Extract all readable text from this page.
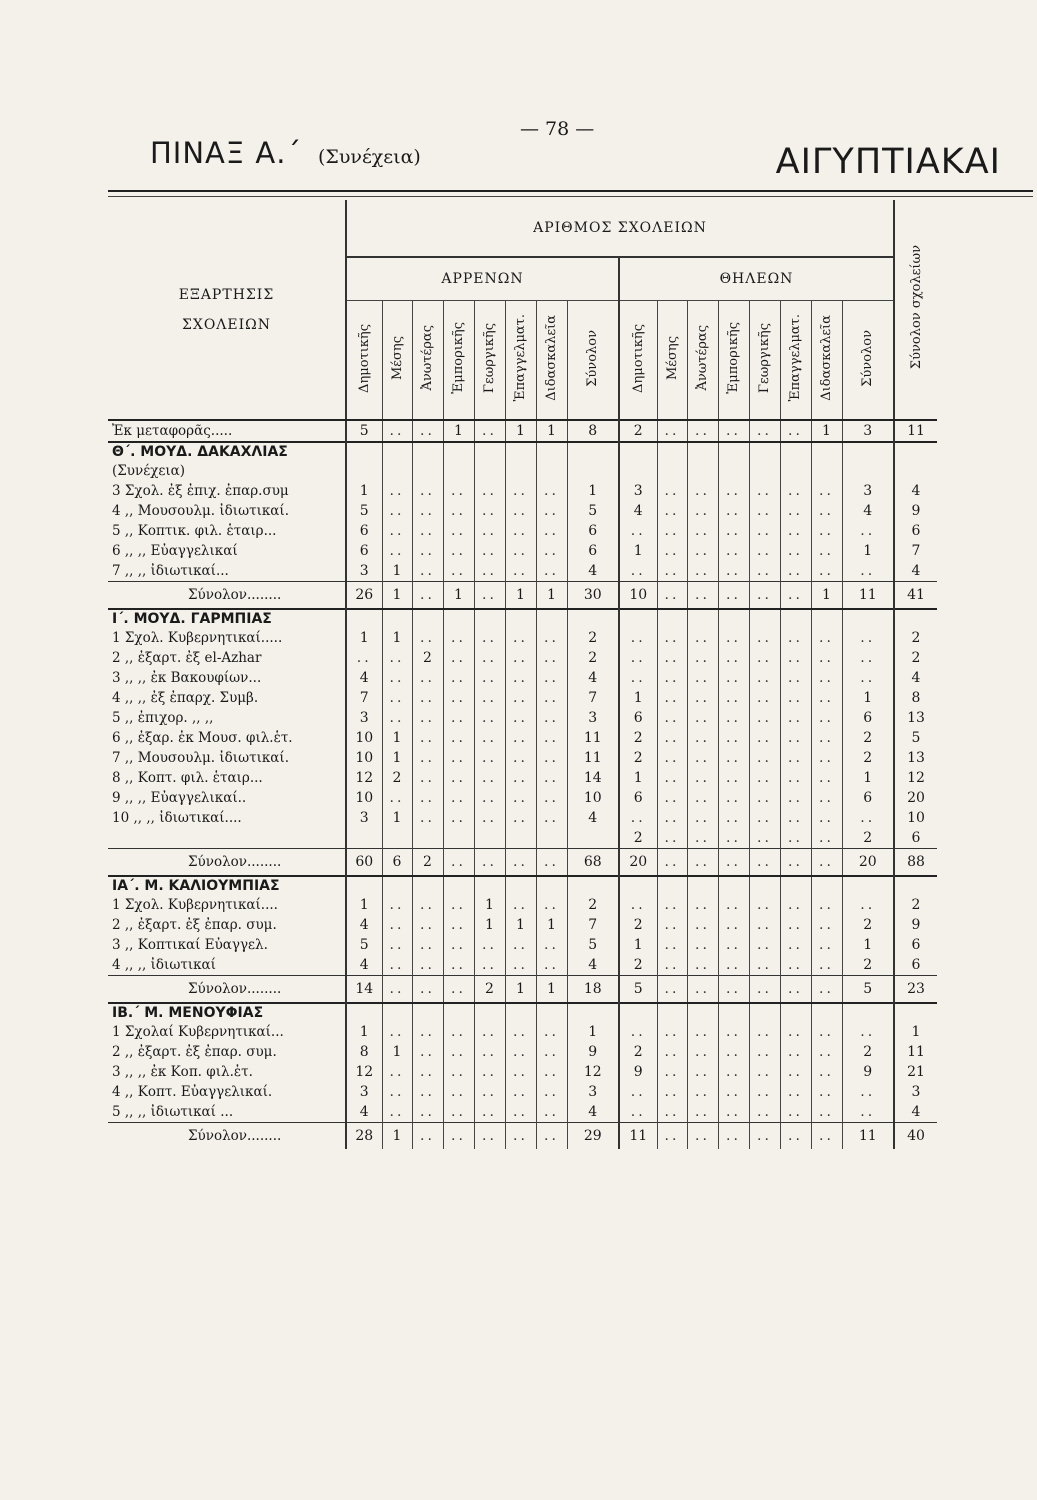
— 78 —
ΠΙΝΑΞ Α.΄ (Συνέχεια)	ΑΙΓΥΠΤΙΑΚΑΙ
ΕΞΑΡΤΗΣΙΣ
ΣΧΟΛΕΙΩΝ	ΑΡΙΘΜΟΣ ΣΧΟΛΕΙΩΝ																Σύνολον σχολείων
	ΑΡΡΕΝΩΝ								ΘΗΛΕΩΝ								
	Δημοτικῆς	Μέσης	Ἀνωτέρας	Ἐμπορικῆς	Γεωργικῆς	Ἐπαγγελματ.	Διδασκαλεῖα	Σύνολον	Δημοτικῆς	Μέσης	Ἀνωτέρας	Ἐμπορικῆς	Γεωργικῆς	Ἐπαγγελματ.	Διδασκαλεῖα	Σύνολον	
Ἐκ μεταφορᾶς.....	5	..	..	1	..	1	1	8	2	..	..	..	..	..	1	3	11
Θ΄. ΜΟΥΔ. ΔΑΚΑΧΛΙΑΣ																	
(Συνέχεια)																	
3 Σχολ. ἐξ ἐπιχ. ἐπαρ.συμ	1	..	..	..	..	..	..	1	3	..	..	..	..	..	..	3	4
4 ,, Μουσουλμ. ἰδιωτικαί.	5	..	..	..	..	..	..	5	4	..	..	..	..	..	..	4	9
5 ,, Κοπτικ. φιλ. ἑταιρ...	6	..	..	..	..	..	..	6	..	..	..	..	..	..	..	..	6
6 ,, ,, Εὐαγγελικαί	6	..	..	..	..	..	..	6	1	..	..	..	..	..	..	1	7
7 ,, ,, ἰδιωτικαί...	3	1	..	..	..	..	..	4	..	..	..	..	..	..	..	..	4
Σύνολον........	26	1	..	1	..	1	1	30	10	..	..	..	..	..	1	11	41
Ι΄. ΜΟΥΔ. ΓΑΡΜΠΙΑΣ																	
1 Σχολ. Κυβερνητικαί.....	1	1	..	..	..	..	..	2	..	..	..	..	..	..	..	..	2
2 ,, ἐξαρτ. ἐξ el-Azhar	..	..	2	..	..	..	..	2	..	..	..	..	..	..	..	..	2
3 ,, ,, ἐκ Βακουφίων...	4	..	..	..	..	..	..	4	..	..	..	..	..	..	..	..	4
4 ,, ,, ἐξ ἐπαρχ. Συμβ.	7	..	..	..	..	..	..	7	1	..	..	..	..	..	..	1	8
5 ,, ἐπιχορ. ,, ,,	3	..	..	..	..	..	..	3	6	..	..	..	..	..	..	6	13
6 ,, ἐξαρ. ἐκ Μουσ. φιλ.ἑτ.	10	1	..	..	..	..	..	11	2	..	..	..	..	..	..	2	5
7 ,, Μουσουλμ. ἰδιωτικαί.	10	1	..	..	..	..	..	11	2	..	..	..	..	..	..	2	13
8 ,, Κοπτ. φιλ. ἑταιρ...	12	2	..	..	..	..	..	14	1	..	..	..	..	..	..	1	12
9 ,, ,, Εὐαγγελικαί..	10	..	..	..	..	..	..	10	6	..	..	..	..	..	..	6	20
10 ,, ,, ἰδιωτικαί....	3	1	..	..	..	..	..	4	..	..	..	..	..	..	..	..	10
									2	..	..	..	..	..	..	2	6
Σύνολον........	60	6	2	..	..	..	..	68	20	..	..	..	..	..	..	20	88
ΙΑ΄. Μ. ΚΑΛΙΟΥΜΠΙΑΣ																	
1 Σχολ. Κυβερνητικαί....	1	..	..	..	1	..	..	2	..	..	..	..	..	..	..	..	2
2 ,, ἐξαρτ. ἐξ ἐπαρ. συμ.	4	..	..	..	1	1	1	7	2	..	..	..	..	..	..	2	9
3 ,, Κοπτικαί Εὐαγγελ.	5	..	..	..	..	..	..	5	1	..	..	..	..	..	..	1	6
4 ,, ,, ἰδιωτικαί	4	..	..	..	..	..	..	4	2	..	..	..	..	..	..	2	6
Σύνολον........	14	..	..	..	2	1	1	18	5	..	..	..	..	..	..	5	23
ΙΒ.΄ Μ. ΜΕΝΟΥΦΙΑΣ																	
1 Σχολαί Κυβερνητικαί...	1	..	..	..	..	..	..	1	..	..	..	..	..	..	..	..	1
2 ,, ἐξαρτ. ἐξ ἐπαρ. συμ.	8	1	..	..	..	..	..	9	2	..	..	..	..	..	..	2	11
3 ,, ,, ἐκ Κοπ. φιλ.ἑτ.	12	..	..	..	..	..	..	12	9	..	..	..	..	..	..	9	21
4 ,, Κοπτ. Εὐαγγελικαί.	3	..	..	..	..	..	..	3	..	..	..	..	..	..	..	..	3
5 ,, ,, ἰδιωτικαί ...	4	..	..	..	..	..	..	4	..	..	..	..	..	..	..	..	4
Σύνολον........	28	1	..	..	..	..	..	29	11	..	..	..	..	..	..	11	40
